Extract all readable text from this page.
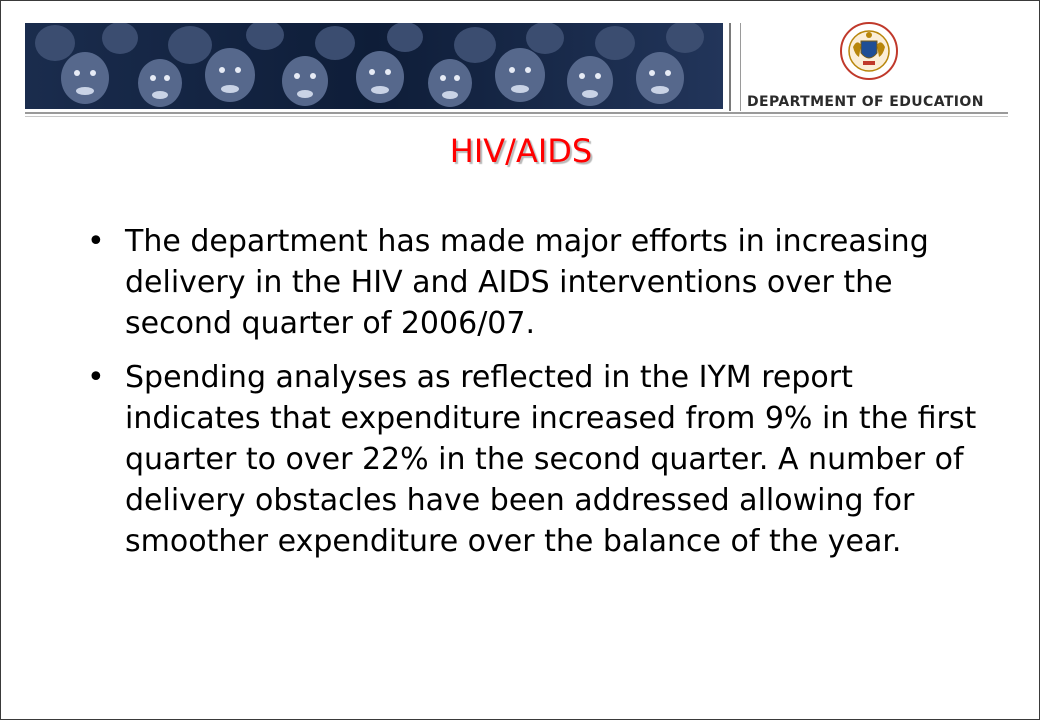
DEPARTMENT OF EDUCATION
HIV/AIDS
• The department has made major efforts in increasing delivery in the HIV and AIDS interventions over the second quarter of 2006/07.
• Spending analyses as reflected in the IYM report indicates that expenditure increased from 9% in the first quarter to over 22% in the second quarter. A number of delivery obstacles have been addressed allowing for smoother expenditure over the balance of the year.
